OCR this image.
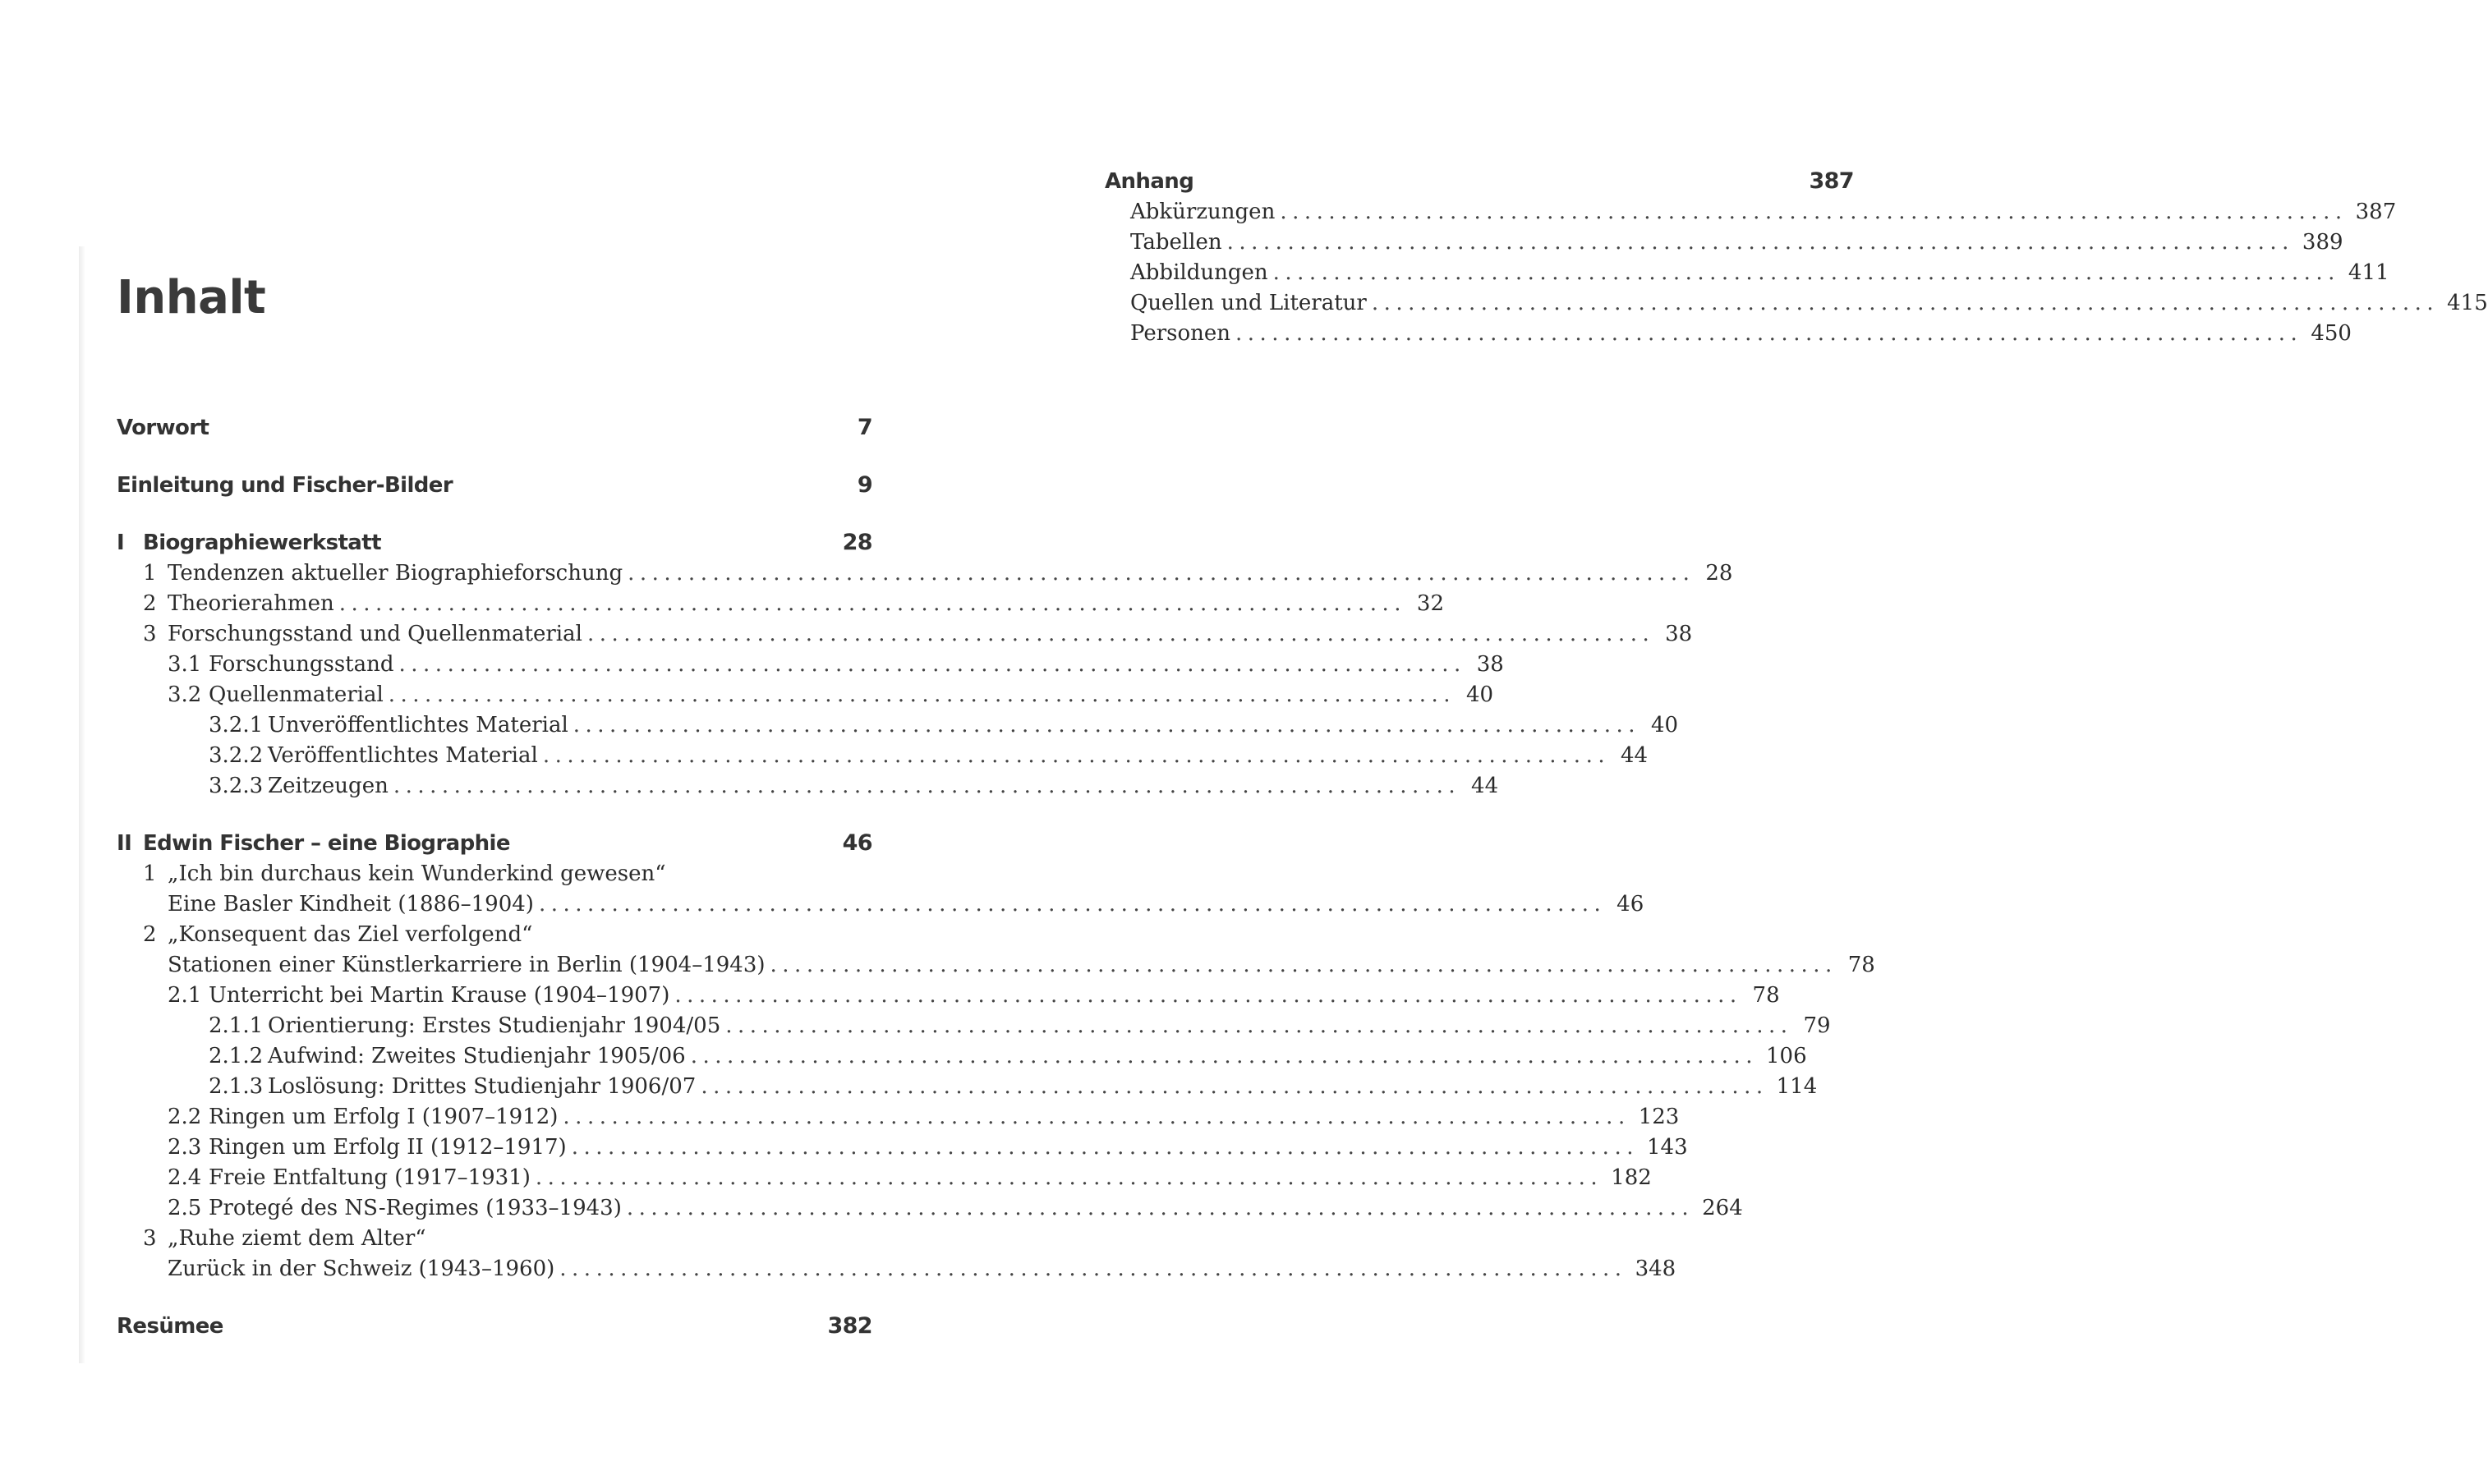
Inhalt
Vorwort	7
Einleitung und Fischer-Bilder	9
I Biographiewerkstatt	28
1 Tendenzen aktueller Biographieforschung ........................................................................................ 28
2 Theorierahmen ........................................................................................ 32
3 Forschungsstand und Quellenmaterial ........................................................................................ 38
3.1 Forschungsstand ........................................................................................ 38
3.2 Quellenmaterial ........................................................................................ 40
3.2.1 Unveröffentlichtes Material ........................................................................................ 40
3.2.2 Veröffentlichtes Material ........................................................................................ 44
3.2.3 Zeitzeugen ........................................................................................ 44
II Edwin Fischer – eine Biographie	46
1 „Ich bin durchaus kein Wunderkind gewesen“
Eine Basler Kindheit (1886–1904) ........................................................................................ 46
2 „Konsequent das Ziel verfolgend“
Stationen einer Künstlerkarriere in Berlin (1904–1943) ........................................................................................ 78
2.1 Unterricht bei Martin Krause (1904–1907) ........................................................................................ 78
2.1.1 Orientierung: Erstes Studienjahr 1904/05 ........................................................................................ 79
2.1.2 Aufwind: Zweites Studienjahr 1905/06 ........................................................................................ 106
2.1.3 Loslösung: Drittes Studienjahr 1906/07 ........................................................................................ 114
2.2 Ringen um Erfolg I (1907–1912) ........................................................................................ 123
2.3 Ringen um Erfolg II (1912–1917) ........................................................................................ 143
2.4 Freie Entfaltung (1917–1931) ........................................................................................ 182
2.5 Protegé des NS-Regimes (1933–1943) ........................................................................................ 264
3 „Ruhe ziemt dem Alter“
Zurück in der Schweiz (1943–1960) ........................................................................................ 348
Resümee	382
Anhang	387
Abkürzungen ........................................................................................ 387
Tabellen ........................................................................................ 389
Abbildungen ........................................................................................ 411
Quellen und Literatur ........................................................................................ 415
Personen ........................................................................................ 450
